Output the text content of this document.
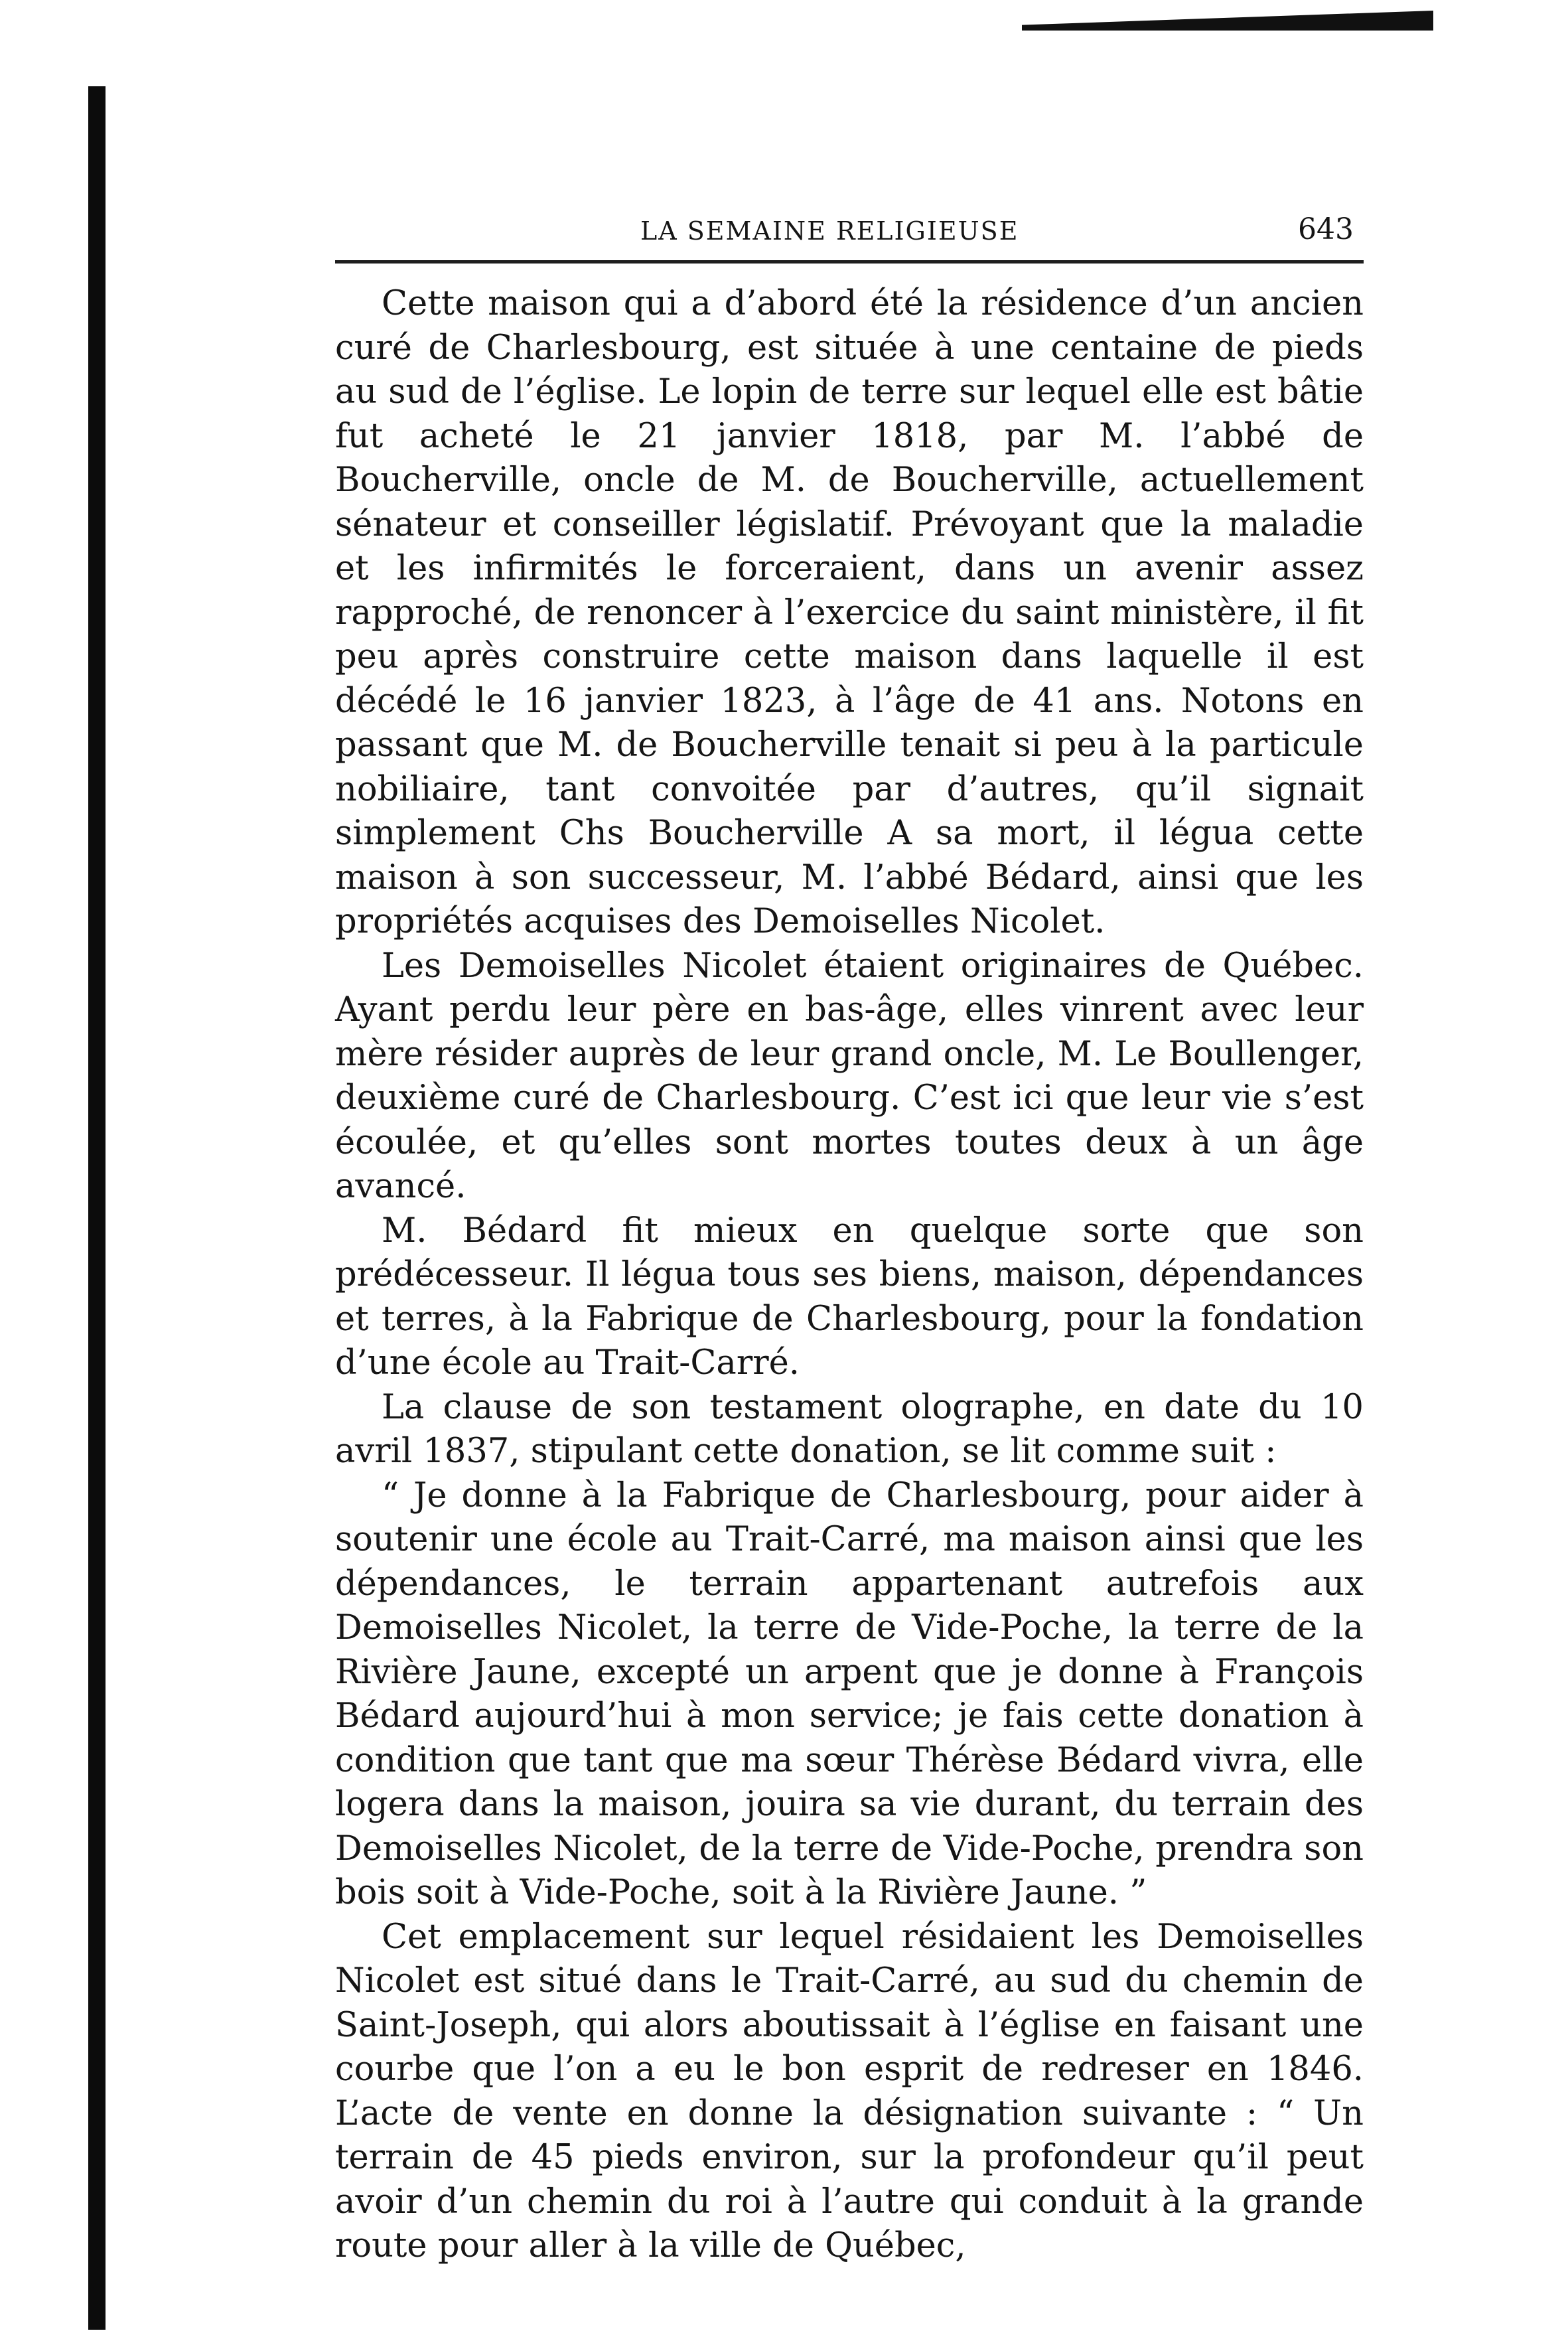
LA SEMAINE RELIGIEUSE	643

Cette maison qui a d’abord été la résidence d’un ancien curé de Charlesbourg, est située à une centaine de pieds au sud de l’église. Le lopin de terre sur lequel elle est bâtie fut acheté le 21 janvier 1818, par M. l’abbé de Boucherville, oncle de M. de Boucherville, actuellement sénateur et conseiller législatif. Prévoyant que la maladie et les infirmités le forceraient, dans un avenir assez rapproché, de renoncer à l’exercice du saint ministère, il fit peu après construire cette maison dans laquelle il est décédé le 16 janvier 1823, à l’âge de 41 ans. Notons en passant que M. de Boucherville tenait si peu à la particule nobiliaire, tant convoitée par d’autres, qu’il signait simplement Chs Boucherville A sa mort, il légua cette maison à son successeur, M. l’abbé Bédard, ainsi que les propriétés acquises des Demoiselles Nicolet.

Les Demoiselles Nicolet étaient originaires de Québec. Ayant perdu leur père en bas-âge, elles vinrent avec leur mère résider auprès de leur grand oncle, M. Le Boullenger, deuxième curé de Charlesbourg. C’est ici que leur vie s’est écoulée, et qu’elles sont mortes toutes deux à un âge avancé.

M. Bédard fit mieux en quelque sorte que son prédécesseur. Il légua tous ses biens, maison, dépendances et terres, à la Fabrique de Charlesbourg, pour la fondation d’une école au Trait-Carré.

La clause de son testament olographe, en date du 10 avril 1837, stipulant cette donation, se lit comme suit :

“ Je donne à la Fabrique de Charlesbourg, pour aider à soutenir une école au Trait-Carré, ma maison ainsi que les dépendances, le terrain appartenant autrefois aux Demoiselles Nicolet, la terre de Vide-Poche, la terre de la Rivière Jaune, excepté un arpent que je donne à François Bédard aujourd’hui à mon service; je fais cette donation à condition que tant que ma sœur Thérèse Bédard vivra, elle logera dans la maison, jouira sa vie durant, du terrain des Demoiselles Nicolet, de la terre de Vide-Poche, prendra son bois soit à Vide-Poche, soit à la Rivière Jaune. ”

Cet emplacement sur lequel résidaient les Demoiselles Nicolet est situé dans le Trait-Carré, au sud du chemin de Saint-Joseph, qui alors aboutissait à l’église en faisant une courbe que l’on a eu le bon esprit de redreser en 1846. L’acte de vente en donne la désignation suivante : “ Un terrain de 45 pieds environ, sur la profondeur qu’il peut avoir d’un chemin du roi à l’autre qui conduit à la grande route pour aller à la ville de Québec,
